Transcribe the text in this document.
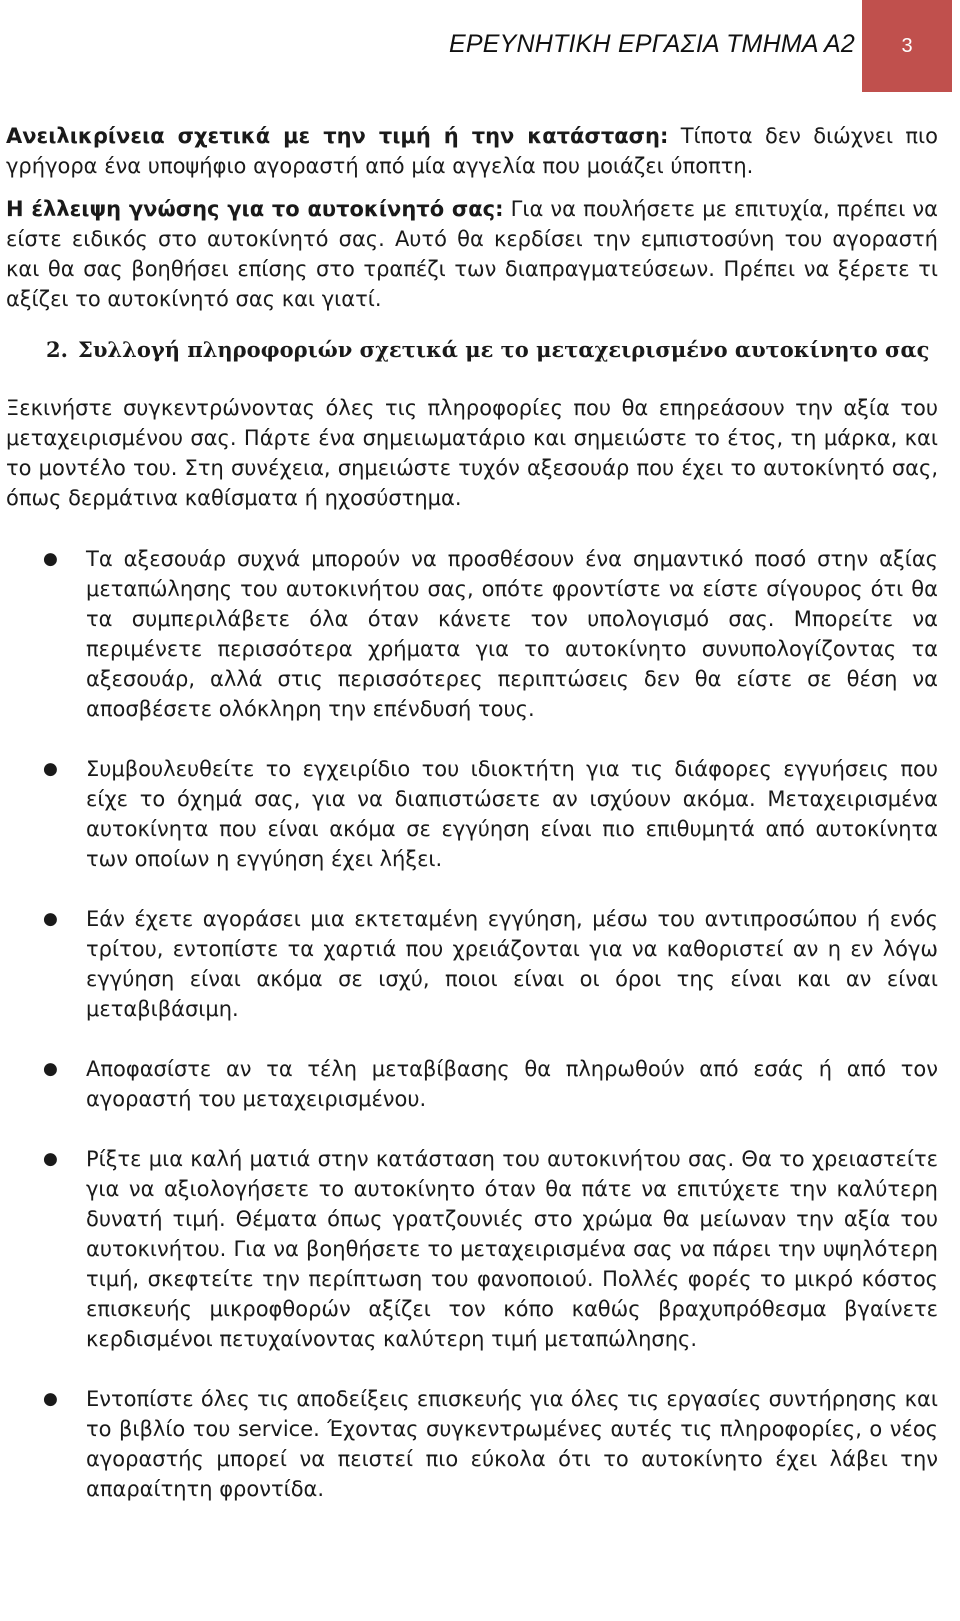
ΕΡΕΥΝΗΤΙΚΗ ΕΡΓΑΣΙΑ ΤΜΗΜΑ Α2 3

Ανειλικρίνεια σχετικά με την τιμή ή την κατάσταση: Τίποτα δεν διώχνει πιο γρήγορα ένα υποψήφιο αγοραστή από μία αγγελία που μοιάζει ύποπτη.

Η έλλειψη γνώσης για το αυτοκίνητό σας: Για να πουλήσετε με επιτυχία, πρέπει να είστε ειδικός στο αυτοκίνητό σας. Αυτό θα κερδίσει την εμπιστοσύνη του αγοραστή και θα σας βοηθήσει επίσης στο τραπέζι των διαπραγματεύσεων. Πρέπει να ξέρετε τι αξίζει το αυτοκίνητό σας και γιατί.

2. Συλλογή πληροφοριών σχετικά με το μεταχειρισμένο αυτοκίνητο σας

Ξεκινήστε συγκεντρώνοντας όλες τις πληροφορίες που θα επηρεάσουν την αξία του μεταχειρισμένου σας. Πάρτε ένα σημειωματάριο και σημειώστε το έτος, τη μάρκα, και το μοντέλο του. Στη συνέχεια, σημειώστε τυχόν αξεσουάρ που έχει το αυτοκίνητό σας, όπως δερμάτινα καθίσματα ή ηχοσύστημα.

● Τα αξεσουάρ συχνά μπορούν να προσθέσουν ένα σημαντικό ποσό στην αξίας μεταπώλησης του αυτοκινήτου σας, οπότε φροντίστε να είστε σίγουρος ότι θα τα συμπεριλάβετε όλα όταν κάνετε τον υπολογισμό σας. Μπορείτε να περιμένετε περισσότερα χρήματα για το αυτοκίνητο συνυπολογίζοντας τα αξεσουάρ, αλλά στις περισσότερες περιπτώσεις δεν θα είστε σε θέση να αποσβέσετε ολόκληρη την επένδυσή τους.
● Συμβουλευθείτε το εγχειρίδιο του ιδιοκτήτη για τις διάφορες εγγυήσεις που είχε το όχημά σας, για να διαπιστώσετε αν ισχύουν ακόμα. Μεταχειρισμένα αυτοκίνητα που είναι ακόμα σε εγγύηση είναι πιο επιθυμητά από αυτοκίνητα των οποίων η εγγύηση έχει λήξει.
● Εάν έχετε αγοράσει μια εκτεταμένη εγγύηση, μέσω του αντιπροσώπου ή ενός τρίτου, εντοπίστε τα χαρτιά που χρειάζονται για να καθοριστεί αν η εν λόγω εγγύηση είναι ακόμα σε ισχύ, ποιοι είναι οι όροι της είναι και αν είναι μεταβιβάσιμη.
● Αποφασίστε αν τα τέλη μεταβίβασης θα πληρωθούν από εσάς ή από τον αγοραστή του μεταχειρισμένου.
● Ρίξτε μια καλή ματιά στην κατάσταση του αυτοκινήτου σας. Θα το χρειαστείτε για να αξιολογήσετε το αυτοκίνητο όταν θα πάτε να επιτύχετε την καλύτερη δυνατή τιμή. Θέματα όπως γρατζουνιές στο χρώμα θα μείωναν την αξία του αυτοκινήτου. Για να βοηθήσετε το μεταχειρισμένα σας να πάρει την υψηλότερη τιμή, σκεφτείτε την περίπτωση του φανοποιού. Πολλές φορές το μικρό κόστος επισκευής μικροφθορών αξίζει τον κόπο καθώς βραχυπρόθεσμα βγαίνετε κερδισμένοι πετυχαίνοντας καλύτερη τιμή μεταπώλησης.
● Εντοπίστε όλες τις αποδείξεις επισκευής για όλες τις εργασίες συντήρησης και το βιβλίο του service. Έχοντας συγκεντρωμένες αυτές τις πληροφορίες, ο νέος αγοραστής μπορεί να πειστεί πιο εύκολα ότι το αυτοκίνητο έχει λάβει την απαραίτητη φροντίδα.
